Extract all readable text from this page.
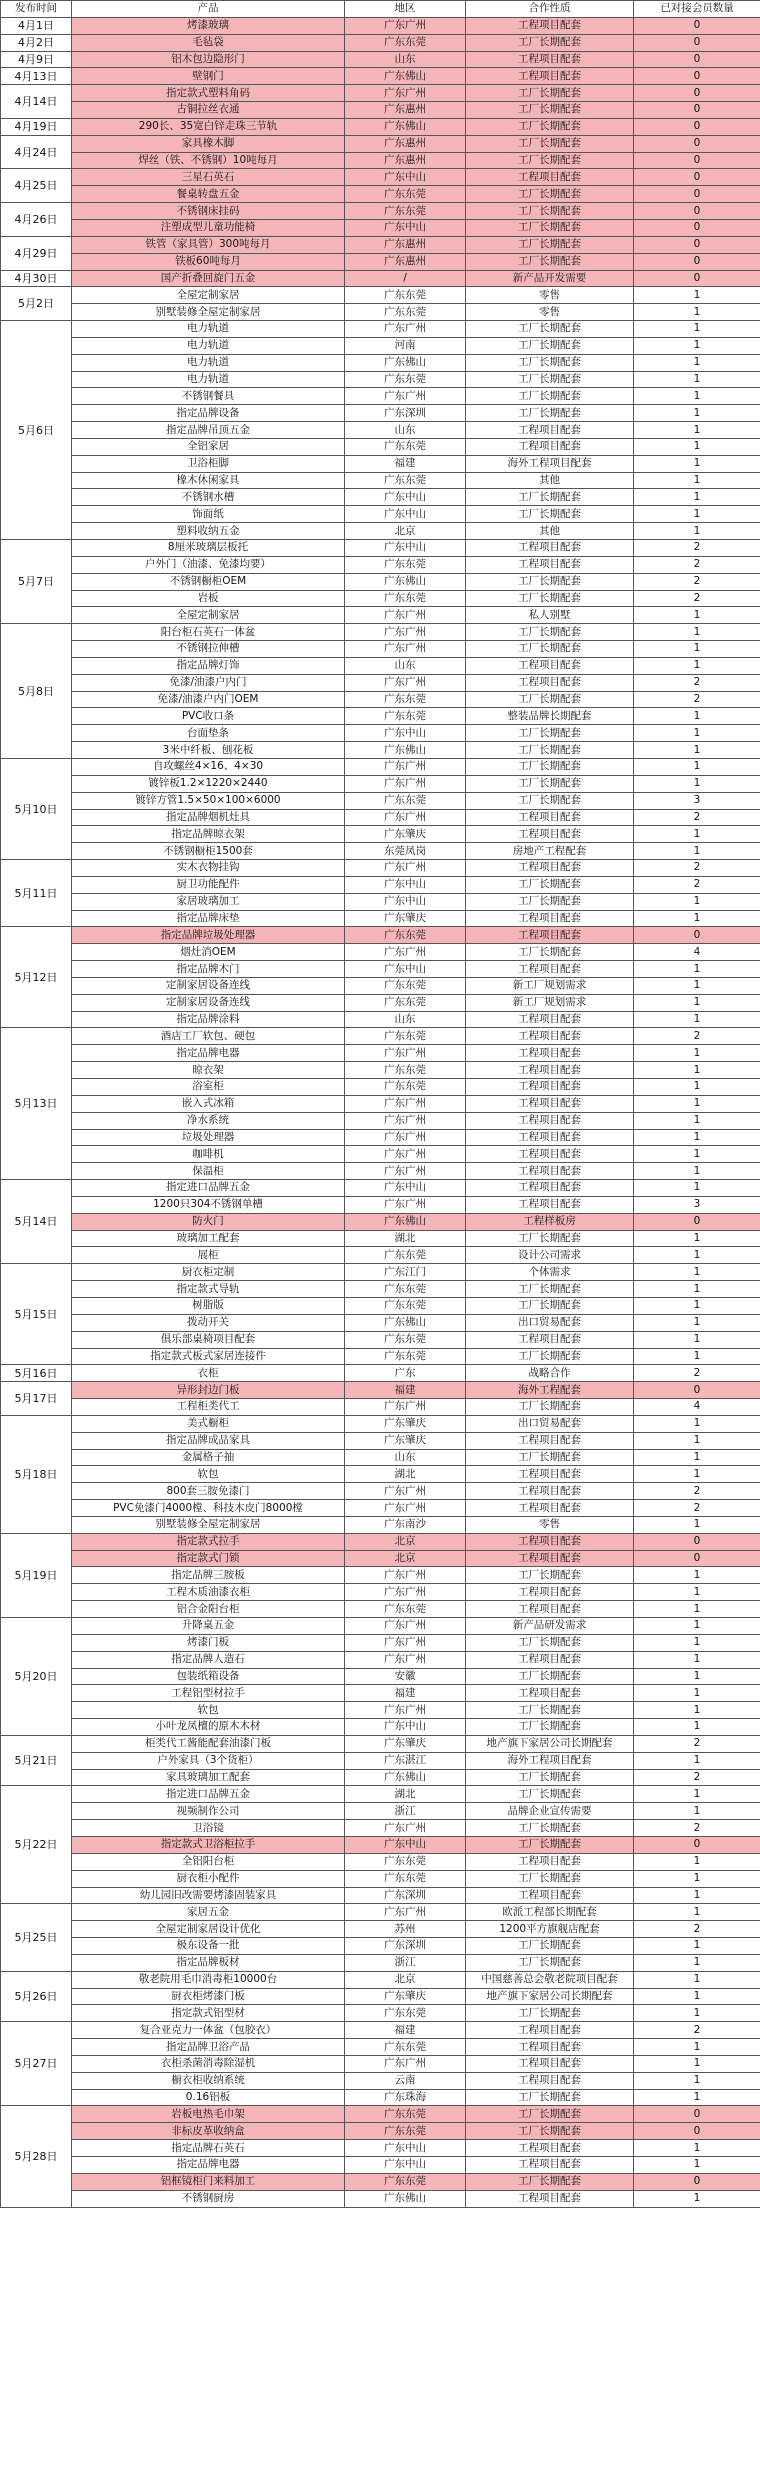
发布时间	产品	地区	合作性质	已对接会员数量
4月1日	烤漆玻璃	广东广州	工程项目配套	0
4月2日	毛毡袋	广东东莞	工厂长期配套	0
4月9日	铝木包边隐形门	山东	工程项目配套	0
4月13日	壁钢门	广东佛山	工程项目配套	0
4月14日	指定款式塑料角码	广东广州	工厂长期配套	0
	古铜拉丝衣通	广东惠州	工厂长期配套	0
4月19日	290长、35宽白锌走珠三节轨	广东佛山	工厂长期配套	0
4月24日	家具橡木脚	广东惠州	工厂长期配套	0
	焊丝（铁、不锈钢）10吨每月	广东惠州	工厂长期配套	0
4月25日	三星石英石	广东中山	工程项目配套	0
	餐桌转盘五金	广东东莞	工厂长期配套	0
4月26日	不锈钢床挂码	广东东莞	工厂长期配套	0
	注塑成型儿童功能椅	广东中山	工厂长期配套	0
4月29日	铁管（家具管）300吨每月	广东惠州	工厂长期配套	0
	铁板60吨每月	广东惠州	工厂长期配套	0
4月30日	国产折叠回旋门五金	/	新产品开发需要	0
5月2日	全屋定制家居	广东东莞	零售	1
	别墅装修全屋定制家居	广东东莞	零售	1
5月6日	电力轨道	广东广州	工厂长期配套	1
	电力轨道	河南	工厂长期配套	1
	电力轨道	广东佛山	工厂长期配套	1
	电力轨道	广东东莞	工厂长期配套	1
	不锈钢餐具	广东广州	工厂长期配套	1
	指定品牌设备	广东深圳	工厂长期配套	1
	指定品牌吊顶五金	山东	工程项目配套	1
	全铝家居	广东东莞	工程项目配套	1
	卫浴柜脚	福建	海外工程项目配套	1
	橡木休闲家具	广东东莞	其他	1
	不锈钢水槽	广东中山	工厂长期配套	1
	饰面纸	广东中山	工厂长期配套	1
	塑料收纳五金	北京	其他	1
5月7日	8厘米玻璃层板托	广东中山	工程项目配套	2
	户外门（油漆、免漆均要）	广东东莞	工程项目配套	2
	不锈钢橱柜OEM	广东佛山	工厂长期配套	2
	岩板	广东东莞	工厂长期配套	2
	全屋定制家居	广东广州	私人别墅	1
5月8日	阳台柜石英石一体盆	广东广州	工厂长期配套	1
	不锈钢拉伸槽	广东广州	工厂长期配套	1
	指定品牌灯饰	山东	工程项目配套	1
	免漆/油漆户内门	广东广州	工程项目配套	2
	免漆/油漆户内门OEM	广东东莞	工厂长期配套	2
	PVC收口条	广东东莞	整装品牌长期配套	1
	台面垫条	广东中山	工厂长期配套	1
	3米中纤板、刨花板	广东佛山	工厂长期配套	1
5月10日	自攻螺丝4×16、4×30	广东广州	工厂长期配套	1
	镀锌板1.2×1220×2440	广东广州	工厂长期配套	1
	镀锌方管1.5×50×100×6000	广东东莞	工厂长期配套	3
	指定品牌烟机灶具	广东广州	工程项目配套	2
	指定品牌晾衣架	广东肇庆	工程项目配套	1
	不锈钢橱柜1500套	东莞凤岗	房地产工程配套	1
5月11日	实木衣物挂钩	广东广州	工程项目配套	2
	厨卫功能配件	广东中山	工厂长期配套	2
	家居玻璃加工	广东中山	工厂长期配套	1
	指定品牌床垫	广东肇庆	工程项目配套	1
5月12日	指定品牌垃圾处理器	广东东莞	工程项目配套	0
	烟灶消OEM	广东广州	工厂长期配套	4
	指定品牌木门	广东中山	工程项目配套	1
	定制家居设备连线	广东东莞	新工厂规划需求	1
	定制家居设备连线	广东东莞	新工厂规划需求	1
	指定品牌涂料	山东	工程项目配套	1
5月13日	酒店工厂软包、硬包	广东东莞	工程项目配套	2
	指定品牌电器	广东广州	工程项目配套	1
	晾衣架	广东东莞	工程项目配套	1
	浴室柜	广东东莞	工程项目配套	1
	嵌入式冰箱	广东广州	工程项目配套	1
	净水系统	广东广州	工程项目配套	1
	垃圾处理器	广东广州	工程项目配套	1
	咖啡机	广东广州	工程项目配套	1
	保温柜	广东广州	工程项目配套	1
5月14日	指定进口品牌五金	广东中山	工程项目配套	1
	1200只304不锈钢单槽	广东广州	工程项目配套	3
	防火门	广东佛山	工程样板房	0
	玻璃加工配套	湖北	工厂长期配套	1
	展柜	广东东莞	设计公司需求	1
5月15日	厨衣柜定制	广东江门	个体需求	1
	指定款式导轨	广东东莞	工厂长期配套	1
	树脂版	广东东莞	工厂长期配套	1
	拨动开关	广东佛山	出口贸易配套	1
	俱乐部桌椅项目配套	广东东莞	工程项目配套	1
	指定款式板式家居连接件	广东东莞	工厂长期配套	1
5月16日	衣柜	广东	战略合作	2
5月17日	异形封边门板	福建	海外工程配套	0
	工程柜类代工	广东广州	工厂长期配套	4
5月18日	美式橱柜	广东肇庆	出口贸易配套	1
	指定品牌成品家具	广东肇庆	工程项目配套	1
	金属格子抽	山东	工厂长期配套	1
	软包	湖北	工程项目配套	1
	800套三胺免漆门	广东广州	工程项目配套	2
	PVC免漆门4000樘、科技木皮门8000樘	广东广州	工程项目配套	2
	别墅装修全屋定制家居	广东南沙	零售	1
5月19日	指定款式拉手	北京	工程项目配套	0
	指定款式门锁	北京	工程项目配套	0
	指定品牌三胺板	广东广州	工厂长期配套	1
	工程木质油漆衣柜	广东广州	工程项目配套	1
	铝合金阳台柜	广东东莞	工程项目配套	1
5月20日	升降桌五金	广东广州	新产品研发需求	1
	烤漆门板	广东广州	工厂长期配套	1
	指定品牌人造石	广东广州	工程项目配套	1
	包装纸箱设备	安徽	工厂长期配套	1
	工程铝型材拉手	福建	工程项目配套	1
	软包	广东广州	工厂长期配套	1
	小叶龙凤檀的原木木材	广东中山	工厂长期配套	1
5月21日	柜类代工酱能配套油漆门板	广东肇庆	地产旗下家居公司长期配套	2
	户外家具（3个货柜）	广东湛江	海外工程项目配套	1
	家具玻璃加工配套	广东佛山	工厂长期配套	2
5月22日	指定进口品牌五金	湖北	工厂长期配套	1
	视频制作公司	浙江	品牌企业宣传需要	1
	卫浴镜	广东广州	工厂长期配套	2
	指定款式卫浴柜拉手	广东中山	工厂长期配套	0
	全铝阳台柜	广东东莞	工程项目配套	1
	厨衣柜小配件	广东东莞	工厂长期配套	1
	幼儿园旧改需要烤漆固装家具	广东深圳	工程项目配套	1
5月25日	家居五金	广东广州	欧派工程部长期配套	1
	全屋定制家居设计优化	苏州	1200平方旗舰店配套	2
	极东设备一批	广东深圳	工厂长期配套	1
	指定品牌板材	浙江	工厂长期配套	1
5月26日	敬老院用毛巾消毒柜10000台	北京	中国慈善总会敬老院项目配套	1
	厨衣柜烤漆门板	广东肇庆	地产旗下家居公司长期配套	1
	指定款式铝型材	广东东莞	工厂长期配套	1
5月27日	复合亚克力一体盆（包胶衣）	福建	工程项目配套	2
	指定品牌卫浴产品	广东东莞	工程项目配套	1
	衣柜杀菌消毒除湿机	广东广州	工程项目配套	1
	橱衣柜收纳系统	云南	工程项目配套	1
	0.16铝板	广东珠海	工厂长期配套	1
5月28日	岩板电热毛巾架	广东东莞	工厂长期配套	0
	非标皮革收纳盒	广东东莞	工厂长期配套	0
	指定品牌石英石	广东中山	工程项目配套	1
	指定品牌电器	广东中山	工程项目配套	1
	铝框镜柜门来料加工	广东东莞	工厂长期配套	0
	不锈钢厨房	广东佛山	工程项目配套	1
